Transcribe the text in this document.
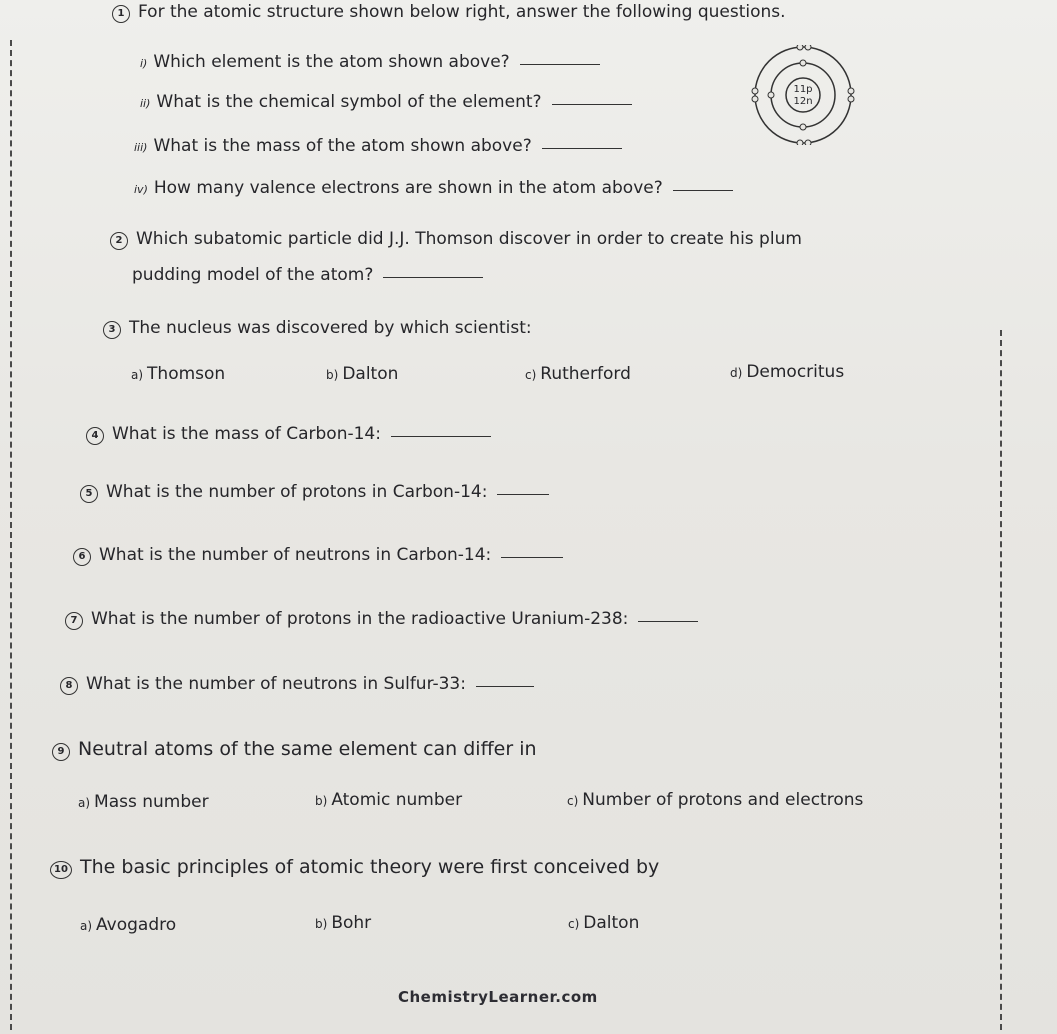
1 For the atomic structure shown below right, answer the following questions.
i) Which element is the atom shown above?
ii) What is the chemical symbol of the element?
iii) What is the mass of the atom shown above?
iv) How many valence electrons are shown in the atom above?
11p
12n
2 Which subatomic particle did J.J. Thomson discover in order to create his plum
pudding model of the atom?
3 The nucleus was discovered by which scientist:
a) Thomson	b) Dalton	c) Rutherford	d) Democritus
4 What is the mass of Carbon-14:
5 What is the number of protons in Carbon-14:
6 What is the number of neutrons in Carbon-14:
7 What is the number of protons in the radioactive Uranium-238:
8 What is the number of neutrons in Sulfur-33:
9 Neutral atoms of the same element can differ in
a) Mass number	b) Atomic number	c) Number of protons and electrons
10 The basic principles of atomic theory were first conceived by
a) Avogadro	b) Bohr	c) Dalton
ChemistryLearner.com
